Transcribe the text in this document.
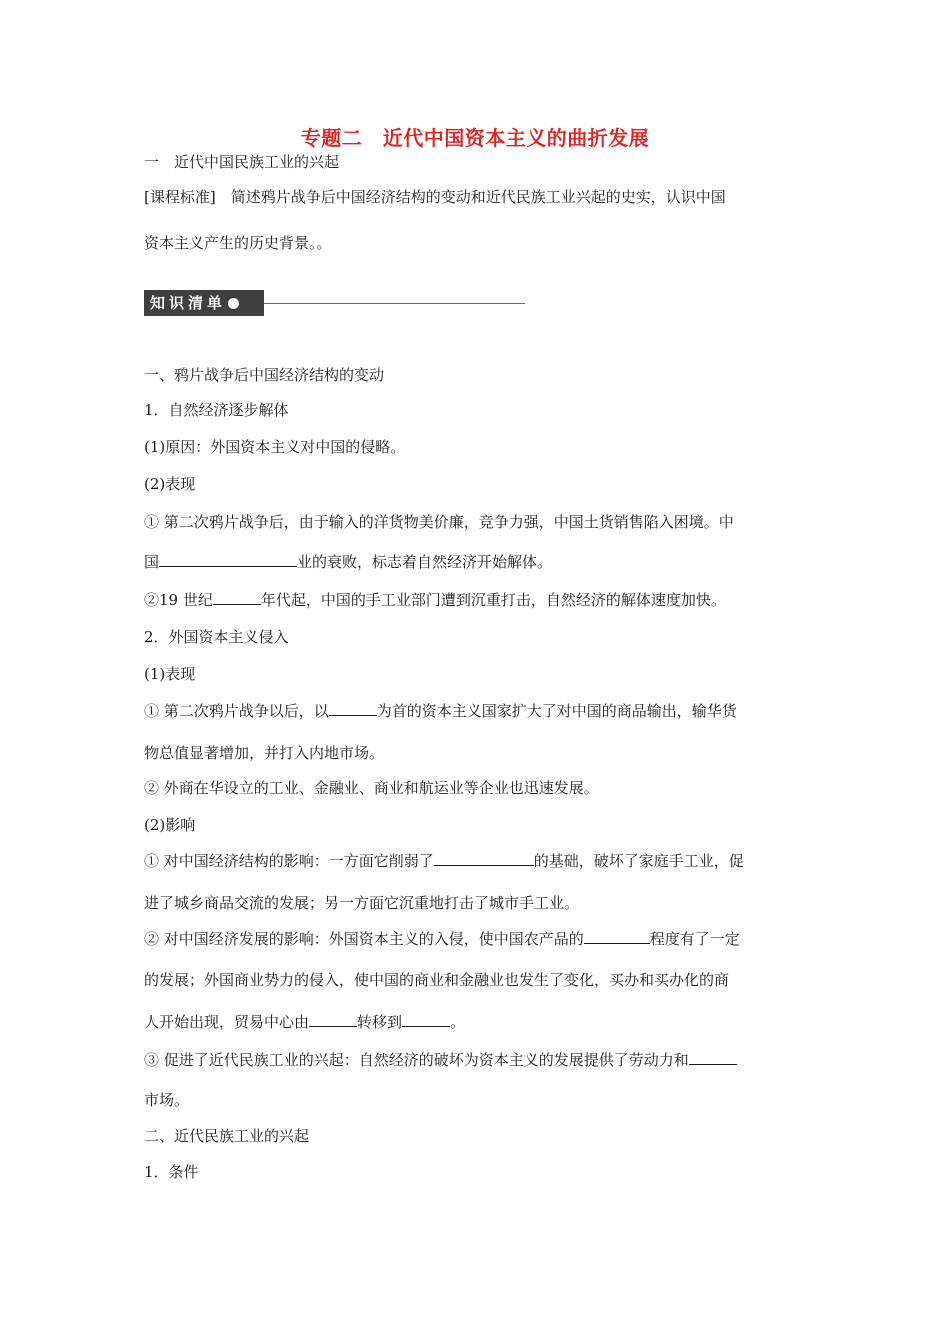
专题二　近代中国资本主义的曲折发展
一　近代中国民族工业的兴起
[课程标准]　简述鸦片战争后中国经济结构的变动和近代民族工业兴起的史实，认识中国
资本主义产生的历史背景。。
知识清单
一、鸦片战争后中国经济结构的变动
1．自然经济逐步解体
(1)原因：外国资本主义对中国的侵略。
(2)表现
① 第二次鸦片战争后，由于输入的洋货物美价廉，竞争力强，中国土货销售陷入困境。中
国	业的衰败，标志着自然经济开始解体。
②19 世纪	年代起，中国的手工业部门遭到沉重打击，自然经济的解体速度加快。
2．外国资本主义侵入
(1)表现
① 第二次鸦片战争以后，以	为首的资本主义国家扩大了对中国的商品输出，输华货
物总值显著增加，并打入内地市场。
② 外商在华设立的工业、金融业、商业和航运业等企业也迅速发展。
(2)影响
① 对中国经济结构的影响：一方面它削弱了	的基础，破坏了家庭手工业，促
进了城乡商品交流的发展；另一方面它沉重地打击了城市手工业。
② 对中国经济发展的影响：外国资本主义的入侵，使中国农产品的	程度有了一定
的发展；外国商业势力的侵入，使中国的商业和金融业也发生了变化，买办和买办化的商
人开始出现，贸易中心由	转移到	。
③ 促进了近代民族工业的兴起：自然经济的破坏为资本主义的发展提供了劳动力和
市场。
二、近代民族工业的兴起
1．条件
